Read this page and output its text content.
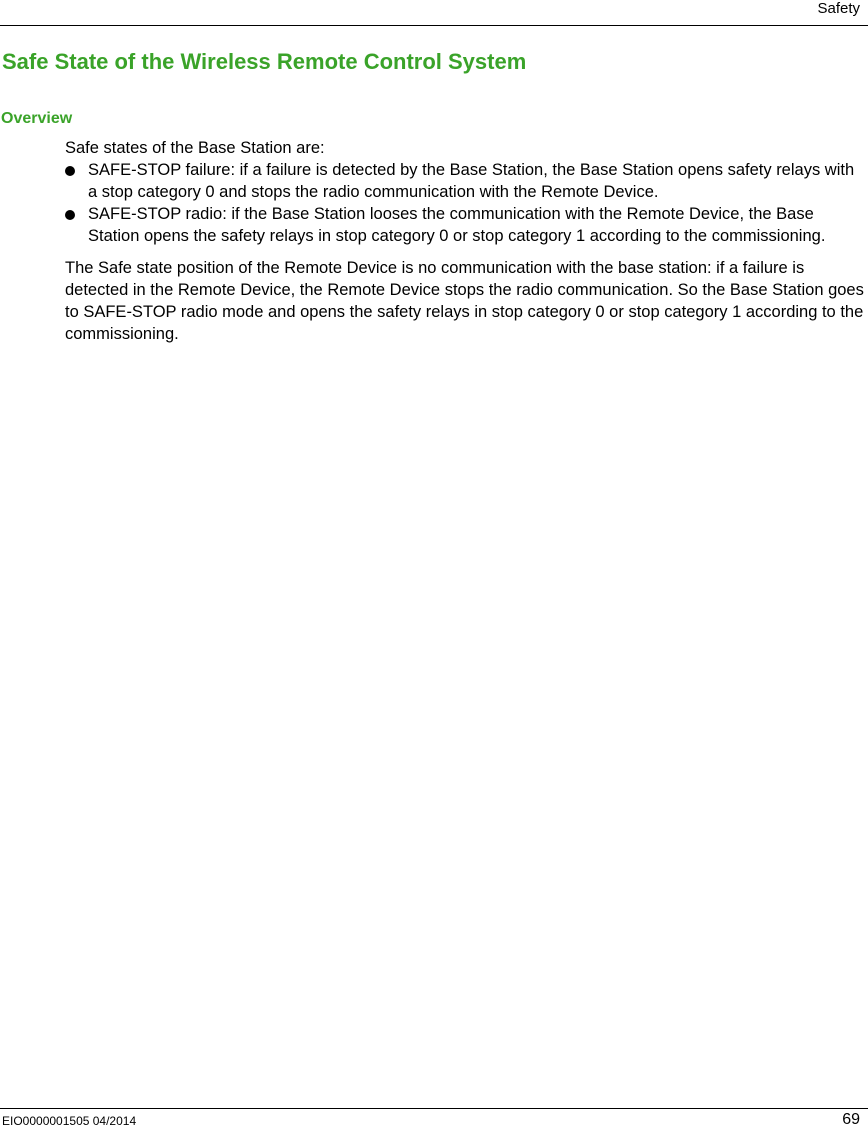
Safety
Safe State of the Wireless Remote Control System
Overview

Safe states of the Base Station are:

SAFE-STOP failure: if a failure is detected by the Base Station, the Base Station opens safety relays with a stop category 0 and stops the radio communication with the Remote Device.
SAFE-STOP radio: if the Base Station looses the communication with the Remote Device, the Base Station opens the safety relays in stop category 0 or stop category 1 according to the commissioning.

The Safe state position of the Remote Device is no communication with the base station: if a failure is detected in the Remote Device, the Remote Device stops the radio communication. So the Base Station goes to SAFE-STOP radio mode and opens the safety relays in stop category 0 or stop category 1 according to the commissioning.

EIO0000001505 04/2014	69
